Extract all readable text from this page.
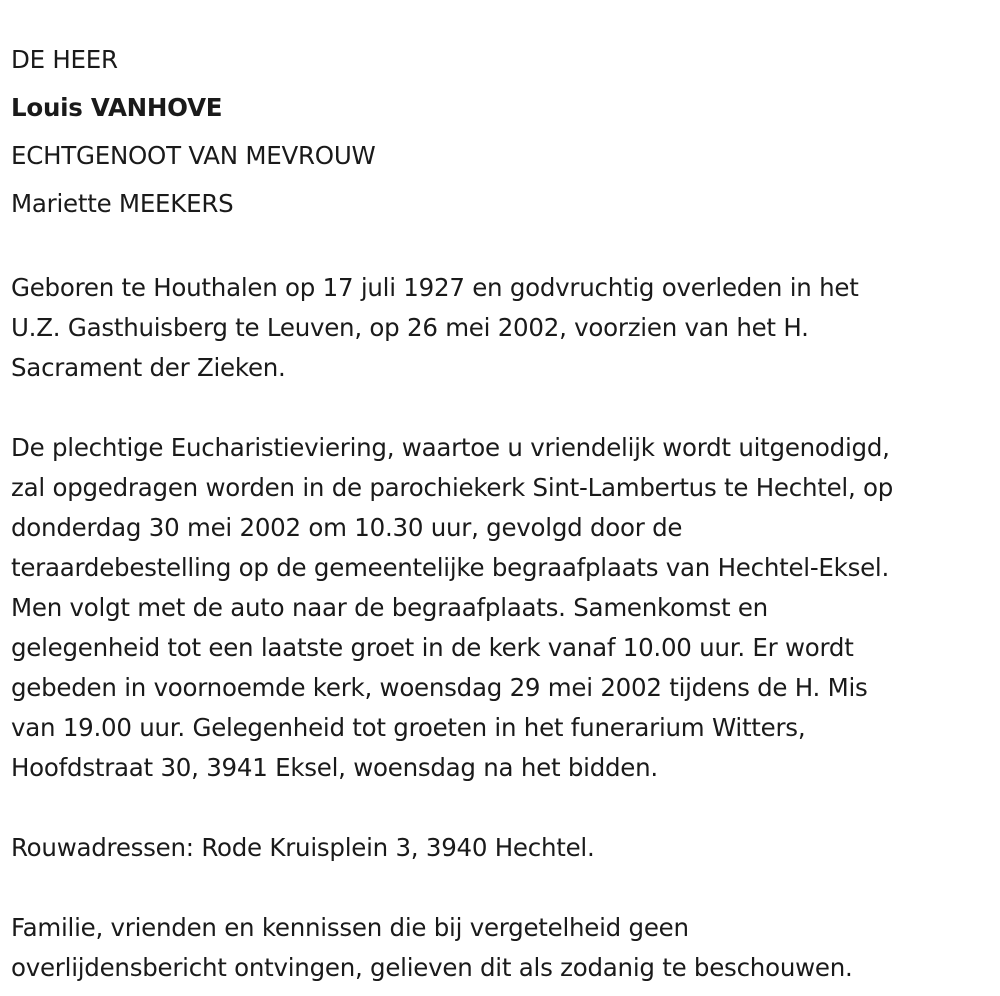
DE HEER
Louis VANHOVE
ECHTGENOOT VAN MEVROUW
Mariette MEEKERS

Geboren te Houthalen op 17 juli 1927 en godvruchtig overleden in het
U.Z. Gasthuisberg te Leuven, op 26 mei 2002, voorzien van het H.
Sacrament der Zieken.

De plechtige Eucharistieviering, waartoe u vriendelijk wordt uitgenodigd,
zal opgedragen worden in de parochiekerk Sint-Lambertus te Hechtel, op
donderdag 30 mei 2002 om 10.30 uur, gevolgd door de
teraardebestelling op de gemeentelijke begraafplaats van Hechtel-Eksel.
Men volgt met de auto naar de begraafplaats. Samenkomst en
gelegenheid tot een laatste groet in de kerk vanaf 10.00 uur. Er wordt
gebeden in voornoemde kerk, woensdag 29 mei 2002 tijdens de H. Mis
van 19.00 uur. Gelegenheid tot groeten in het funerarium Witters,
Hoofdstraat 30, 3941 Eksel, woensdag na het bidden.

Rouwadressen: Rode Kruisplein 3, 3940 Hechtel.

Familie, vrienden en kennissen die bij vergetelheid geen
overlijdensbericht ontvingen, gelieven dit als zodanig te beschouwen.
